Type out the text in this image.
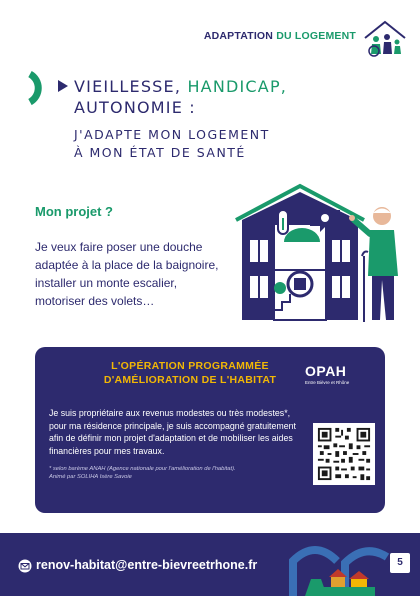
ADAPTATION DU LOGEMENT
VIEILLESSE, HANDICAP,
AUTONOMIE :
J'ADAPTE MON LOGEMENT
À MON ÉTAT DE SANTÉ
Mon projet ?
Je veux faire poser une douche adaptée à la place de la baignoire, installer un monte escalier, motoriser des volets…
L'OPÉRATION PROGRAMMÉE
D'AMÉLIORATION DE L'HABITAT
OPAH
Entre Bièvre et Rhône
Je suis propriétaire aux revenus modestes ou très modestes*, pour ma résidence principale, je suis accompagné gratuitement afin de définir mon projet d'adaptation et de mobiliser les aides financières pour mes travaux.
* selon barème ANAH (Agence nationale pour l'amélioration de l'habitat).
Animé par SOLIHA Isère Savoie
renov-habitat@entre-bievreetrhone.fr	5
